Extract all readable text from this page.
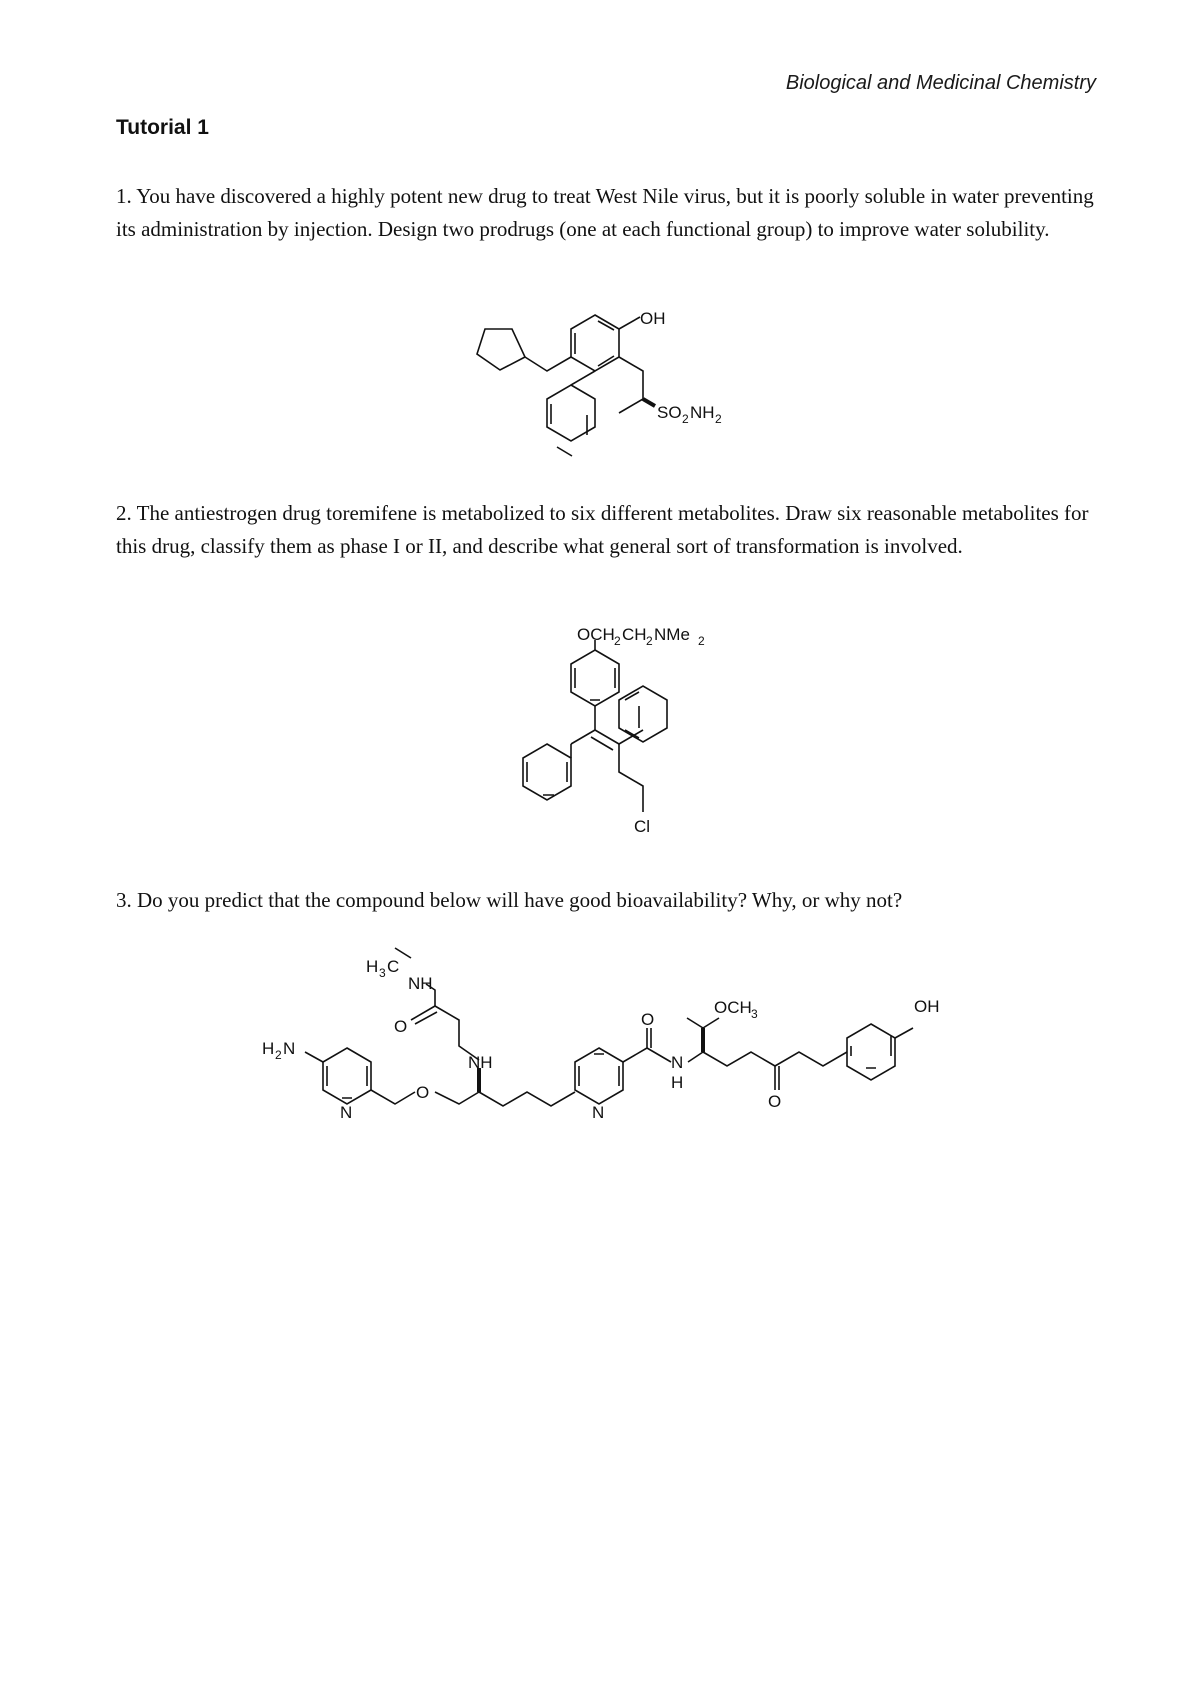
Biological and Medicinal Chemistry
Tutorial 1
1. You have discovered a highly potent new drug to treat West Nile virus, but it is poorly soluble in water preventing its administration by injection. Design two prodrugs (one at each functional group) to improve water solubility.
2. The antiestrogen drug toremifene is metabolized to six different metabolites. Draw six reasonable metabolites for this drug, classify them as phase I or II, and describe what general sort of transformation is involved.
3. Do you predict that the compound below will have good bioavailability? Why, or why not?
OH
SO 2 NH 2
OCH 2 CH 2 NMe 2
Cl
H 3 C
NH
O
H 2 N
N
O
NH
N
O
N
H
OCH 3
O
OH
